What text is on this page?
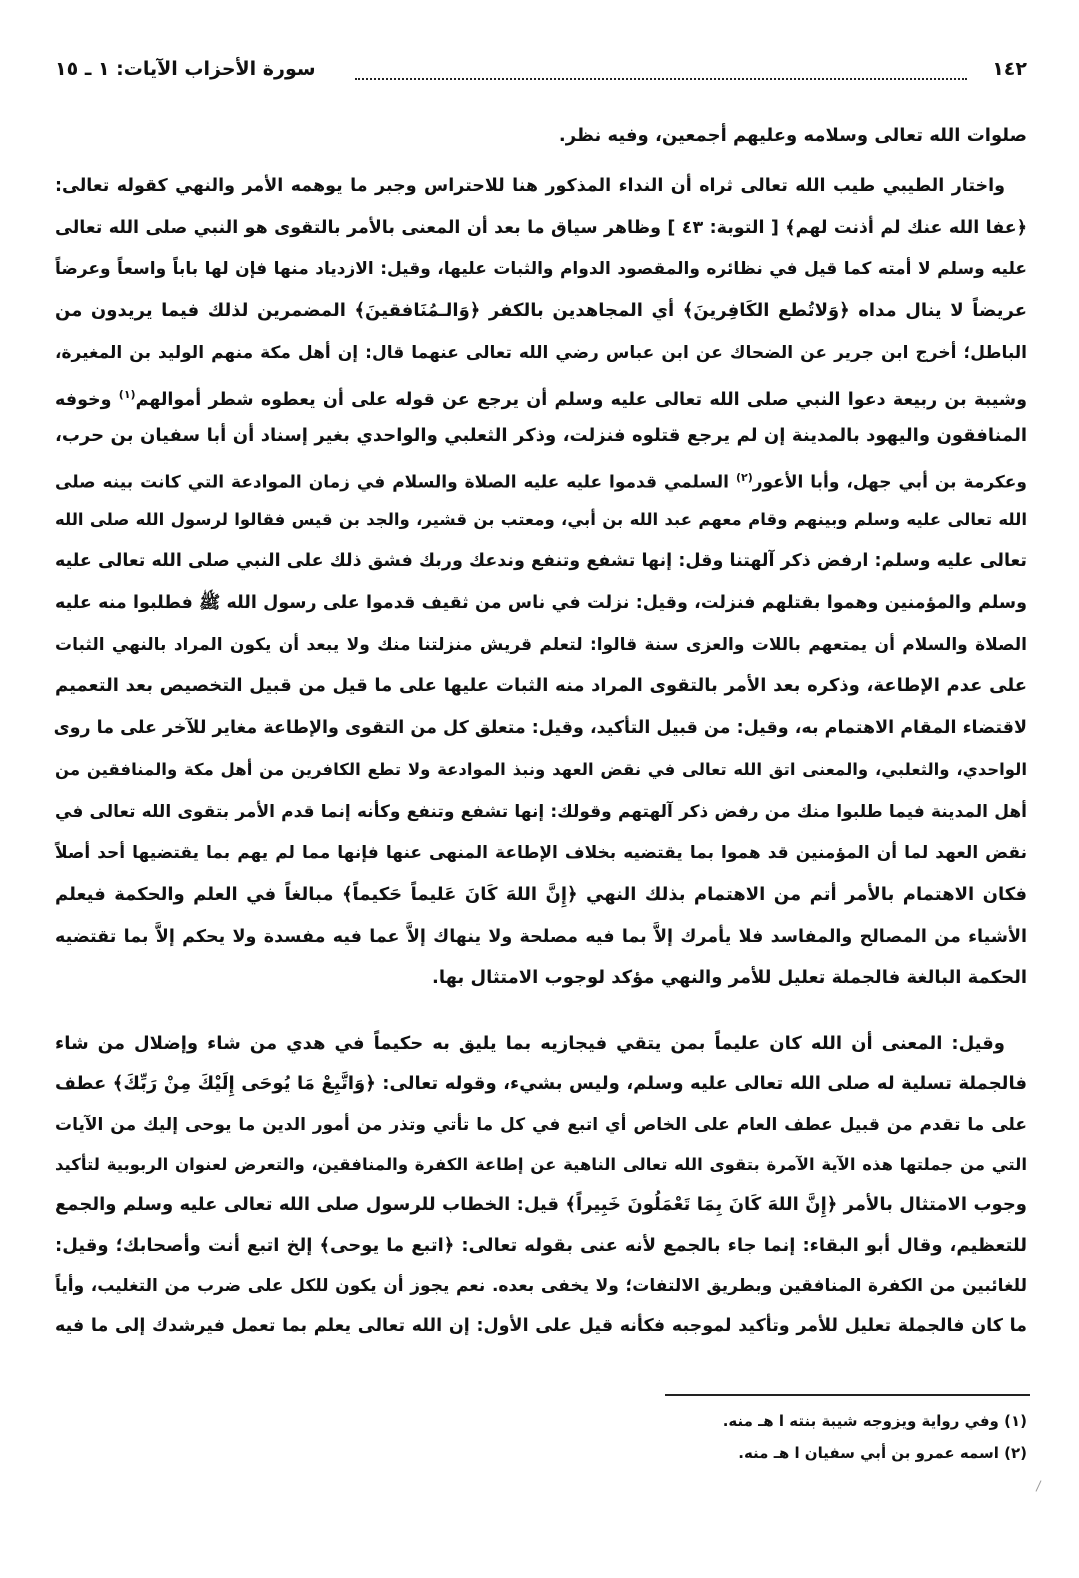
١٤٢
سورة الأحزاب الآيات: ١ ـ ١٥
صلوات الله تعالى وسلامه وعليهم أجمعين، وفيه نظر.
واختار الطيبي طيب الله تعالى ثراه أن النداء المذكور هنا للاحتراس وجبر ما يوهمه الأمر والنهي كقوله تعالى:
﴿عفا الله عنك لم أذنت لهم﴾ [ التوبة: ٤٣ ] وظاهر سياق ما بعد أن المعنى بالأمر بالتقوى هو النبي صلى الله تعالى
عليه وسلم لا أمته كما قيل في نظائره والمقصود الدوام والثبات عليها، وقيل: الازدياد منها فإن لها باباً واسعاً وعرضاً
عريضاً لا ينال مداه ﴿وَلاتُطع الكَافِرينَ﴾ أي المجاهدين بالكفر ﴿وَالـمُنَافقينَ﴾ المضمرين لذلك فيما يريدون من
الباطل؛ أخرج ابن جرير عن الضحاك عن ابن عباس رضي الله تعالى عنهما قال: إن أهل مكة منهم الوليد بن المغيرة،
وشيبة بن ربيعة دعوا النبي صلى الله تعالى عليه وسلم أن يرجع عن قوله على أن يعطوه شطر أموالهم$^{(١)}$ وخوفه
المنافقون واليهود بالمدينة إن لم يرجع قتلوه فنزلت، وذكر الثعلبي والواحدي بغير إسناد أن أبا سفيان بن حرب،
وعكرمة بن أبي جهل، وأبا الأعور$^{(٢)}$ السلمي قدموا عليه عليه الصلاة والسلام في زمان الموادعة التي كانت بينه صلى
الله تعالى عليه وسلم وبينهم وقام معهم عبد الله بن أبي، ومعتب بن قشير، والجد بن قيس فقالوا لرسول الله صلى الله
تعالى عليه وسلم: ارفض ذكر آلهتنا وقل: إنها تشفع وتنفع وندعك وربك فشق ذلك على النبي صلى الله تعالى عليه
وسلم والمؤمنين وهموا بقتلهم فنزلت، وقيل: نزلت في ناس من ثقيف قدموا على رسول الله ﷺ فطلبوا منه عليه
الصلاة والسلام أن يمتعهم باللات والعزى سنة قالوا: لتعلم قريش منزلتنا منك ولا يبعد أن يكون المراد بالنهي الثبات
على عدم الإطاعة، وذكره بعد الأمر بالتقوى المراد منه الثبات عليها على ما قيل من قبيل التخصيص بعد التعميم
لاقتضاء المقام الاهتمام به، وقيل: من قبيل التأكيد، وقيل: متعلق كل من التقوى والإطاعة مغاير للآخر على ما روى
الواحدي، والثعلبي، والمعنى اتق الله تعالى في نقض العهد ونبذ الموادعة ولا تطع الكافرين من أهل مكة والمنافقين من
أهل المدينة فيما طلبوا منك من رفض ذكر آلهتهم وقولك: إنها تشفع وتنفع وكأنه إنما قدم الأمر بتقوى الله تعالى في
نقض العهد لما أن المؤمنين قد هموا بما يقتضيه بخلاف الإطاعة المنهى عنها فإنها مما لم يهم بما يقتضيها أحد أصلاً
فكان الاهتمام بالأمر أتم من الاهتمام بذلك النهي ﴿إِنَّ اللهَ كَانَ عَليماً حَكيماً﴾ مبالغاً في العلم والحكمة فيعلم
الأشياء من المصالح والمفاسد فلا يأمرك إلاَّ بما فيه مصلحة ولا ينهاك إلاَّ عما فيه مفسدة ولا يحكم إلاَّ بما تقتضيه
الحكمة البالغة فالجملة تعليل للأمر والنهي مؤكد لوجوب الامتثال بها.
وقيل: المعنى أن الله كان عليماً بمن يتقي فيجازيه بما يليق به حكيماً في هدي من شاء وإضلال من شاء
فالجملة تسلية له صلى الله تعالى عليه وسلم، وليس بشيء، وقوله تعالى: ﴿وَاتَّبِعْ مَا يُوحَى إِلَيْكَ مِنْ رَبِّكَ﴾ عطف
على ما تقدم من قبيل عطف العام على الخاص أي اتبع في كل ما تأتي وتذر من أمور الدين ما يوحى إليك من الآيات
التي من جملتها هذه الآية الآمرة بتقوى الله تعالى الناهية عن إطاعة الكفرة والمنافقين، والتعرض لعنوان الربوبية لتأكيد
وجوب الامتثال بالأمر ﴿إِنَّ اللهَ كَانَ بِمَا تَعْمَلُونَ خَبِيراً﴾ قيل: الخطاب للرسول صلى الله تعالى عليه وسلم والجمع
للتعظيم، وقال أبو البقاء: إنما جاء بالجمع لأنه عنى بقوله تعالى: ﴿اتبع ما يوحى﴾ إلخ اتبع أنت وأصحابك؛ وقيل:
للغائبين من الكفرة المنافقين وبطريق الالتفات؛ ولا يخفى بعده. نعم يجوز أن يكون للكل على ضرب من التغليب، وأياً
ما كان فالجملة تعليل للأمر وتأكيد لموجبه فكأنه قيل على الأول: إن الله تعالى يعلم بما تعمل فيرشدك إلى ما فيه
(١) وفي رواية ويزوجه شيبة بنته ا هـ منه.
(٢) اسمه عمرو بن أبي سفيان ا هـ منه.
